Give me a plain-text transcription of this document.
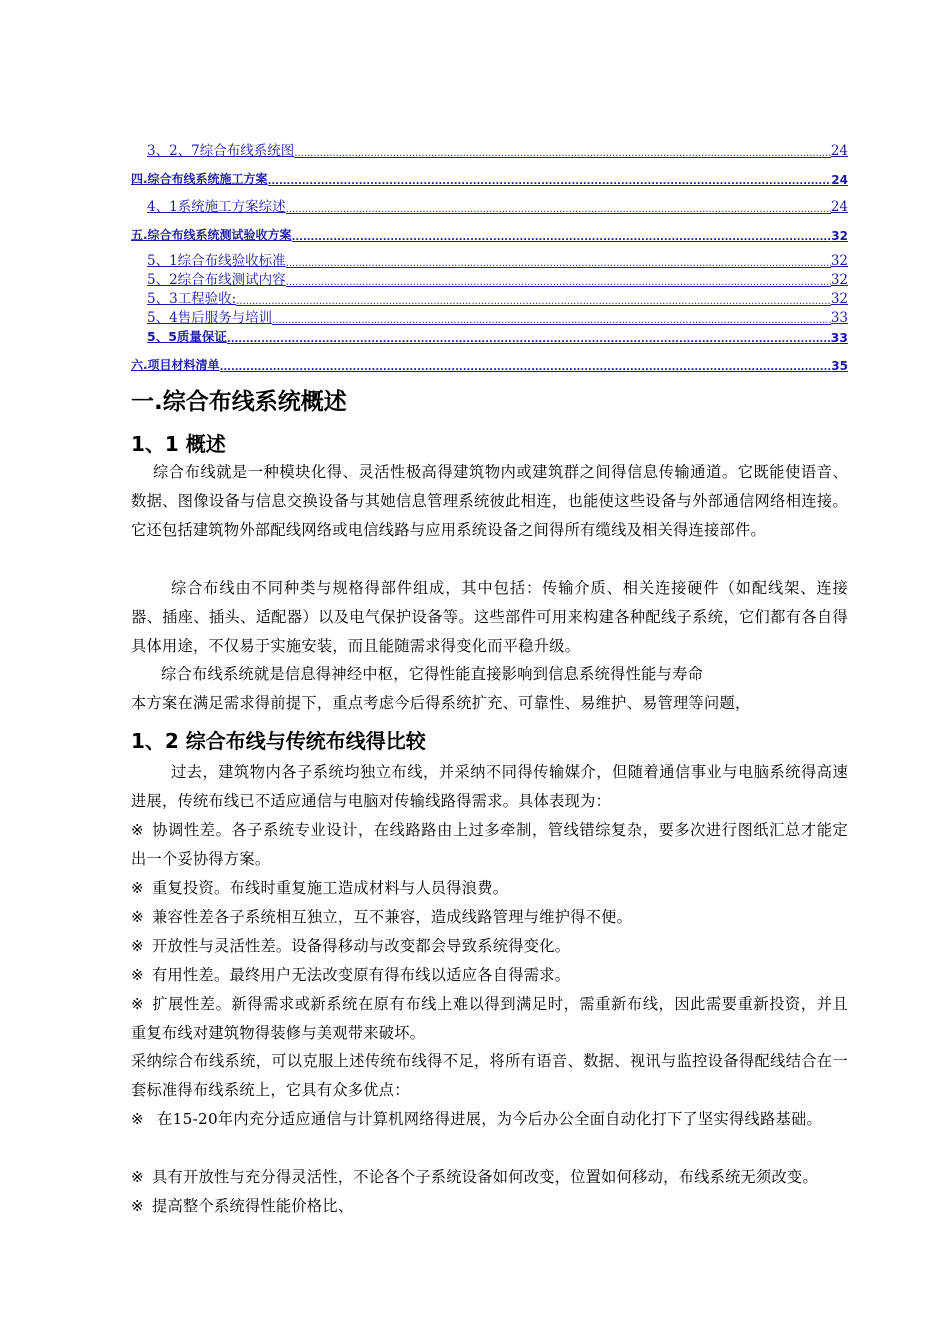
3、2、7综合布线系统图 .....	24
四.综合布线系统施工方案 .....	24
4、1系统施工方案综述 .....	24
五.综合布线系统测试验收方案 .....	32
5、1综合布线验收标准 .....	32
5、2综合布线测试内容 .....	32
5、3工程验收: .....	32
5、4售后服务与培训 .....	33
5、5质量保证 .....	33
六.项目材料清单 .....	35
一.综合布线系统概述
1、1 概述
综合布线就是一种模块化得、灵活性极高得建筑物内或建筑群之间得信息传输通道。它既能使语音、数据、图像设备与信息交换设备与其她信息管理系统彼此相连，也能使这些设备与外部通信网络相连接。它还包括建筑物外部配线网络或电信线路与应用系统设备之间得所有缆线及相关得连接部件。
综合布线由不同种类与规格得部件组成，其中包括：传输介质、相关连接硬件（如配线架、连接器、插座、插头、适配器）以及电气保护设备等。这些部件可用来构建各种配线子系统，它们都有各自得具体用途，不仅易于实施安装，而且能随需求得变化而平稳升级。
综合布线系统就是信息得神经中枢，它得性能直接影响到信息系统得性能与寿命
本方案在满足需求得前提下，重点考虑今后得系统扩充、可靠性、易维护、易管理等问题，
1、2 综合布线与传统布线得比较
过去，建筑物内各子系统均独立布线，并采纳不同得传输媒介，但随着通信事业与电脑系统得高速进展，传统布线已不适应通信与电脑对传输线路得需求。具体表现为：
※ 协调性差。各子系统专业设计，在线路路由上过多牵制，管线错综复杂，要多次进行图纸汇总才能定出一个妥协得方案。
※ 重复投资。布线时重复施工造成材料与人员得浪费。
※ 兼容性差各子系统相互独立，互不兼容，造成线路管理与维护得不便。
※ 开放性与灵活性差。设备得移动与改变都会导致系统得变化。
※ 有用性差。最终用户无法改变原有得布线以适应各自得需求。
※ 扩展性差。新得需求或新系统在原有布线上难以得到满足时，需重新布线，因此需要重新投资，并且重复布线对建筑物得装修与美观带来破坏。
采纳综合布线系统，可以克服上述传统布线得不足，将所有语音、数据、视讯与监控设备得配线结合在一套标准得布线系统上，它具有众多优点：
※ 在15-20年内充分适应通信与计算机网络得进展，为今后办公全面自动化打下了坚实得线路基础。
※ 具有开放性与充分得灵活性，不论各个子系统设备如何改变，位置如何移动，布线系统无须改变。
※ 提高整个系统得性能价格比、
